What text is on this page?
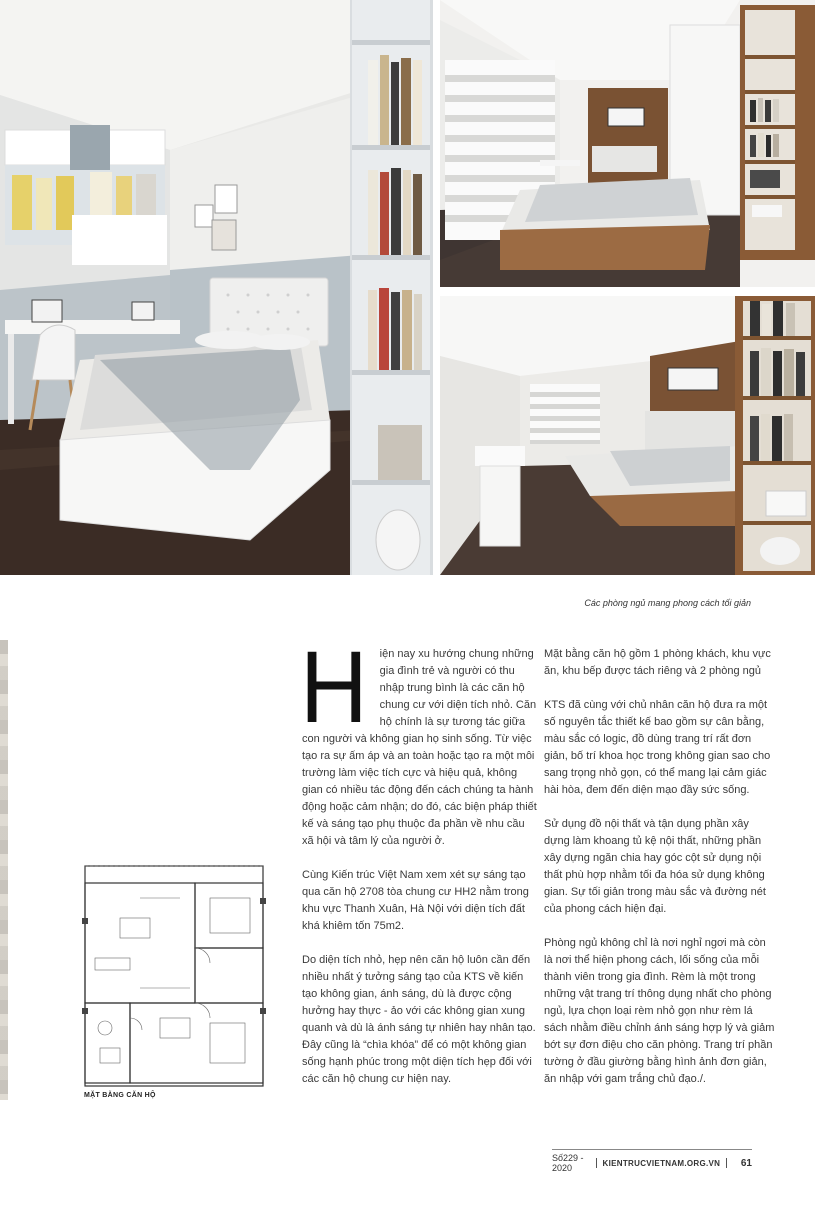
Các phòng ngủ mang phong cách tối giản
MẶT BẰNG CĂN HỘ

H iện nay xu hướng chung những gia đình trẻ và người có thu nhập trung bình là các căn hộ chung cư với diện tích nhỏ. Căn hộ chính là sự tương tác giữa con người và không gian họ sinh sống. Từ việc tạo ra sự ấm áp và an toàn hoặc tạo ra một môi trường làm việc tích cực và hiệu quả, không gian có nhiều tác động đến cách chúng ta hành động hoặc cảm nhận; do đó, các biện pháp thiết kế và sáng tạo phụ thuộc đa phần về nhu cầu xã hội và tâm lý của người ở.

Cùng Kiến trúc Việt Nam xem xét sự sáng tạo qua căn hộ 2708 tòa chung cư HH2 nằm trong khu vực Thanh Xuân, Hà Nội với diện tích đất khá khiêm tốn 75m2.

Do diện tích nhỏ, hẹp nên căn hộ luôn cần đến nhiều nhất ý tưởng sáng tạo của KTS về kiến tạo không gian, ánh sáng, dù là được cộng hưởng hay thực - ảo với các không gian xung quanh và dù là ánh sáng tự nhiên hay nhân tạo. Đây cũng là “chìa khóa” để có một không gian sống hạnh phúc trong một diện tích hẹp đối với các căn hộ chung cư hiện nay.

Mặt bằng căn hộ gồm 1 phòng khách, khu vực ăn, khu bếp được tách riêng và 2 phòng ngủ

KTS đã cùng với chủ nhân căn hộ đưa ra một số nguyên tắc thiết kế bao gồm sự cân bằng, màu sắc có logic, đồ dùng trang trí rất đơn giản, bố trí khoa học trong không gian sao cho sang trọng nhỏ gọn, có thể mang lại cảm giác hài hòa, đem đến diện mạo đầy sức sống.

Sử dụng đồ nội thất và tận dụng phần xây dựng làm khoang tủ kệ nội thất, những phần xây dựng ngăn chia hay góc cột sử dụng nội thất phù hợp nhằm tối đa hóa sử dụng không gian. Sự tối giản trong màu sắc và đường nét của phong cách hiện đại.

Phòng ngủ không chỉ là nơi nghỉ ngơi mà còn là nơi thể hiện phong cách, lối sống của mỗi thành viên trong gia đình. Rèm là một trong những vật trang trí thông dụng nhất cho phòng ngủ, lựa chọn loại rèm nhỏ gọn như rèm lá sách nhằm điều chỉnh ánh sáng hợp lý và giảm bớt sự đơn điệu cho căn phòng. Trang trí phần tường ở đầu giường bằng hình ảnh đơn giản, ăn nhập với gam trắng chủ đạo./.

Số229 - 2020	KIENTRUCVIETNAM.ORG.VN 61
